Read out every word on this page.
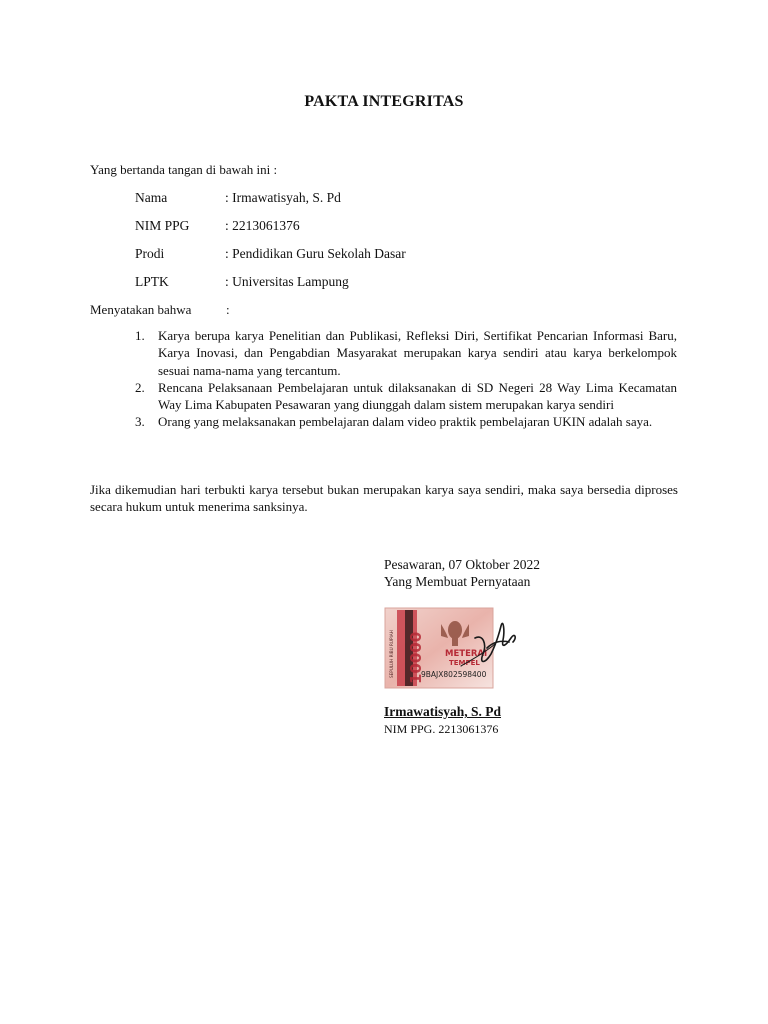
PAKTA INTEGRITAS
Yang bertanda tangan di bawah ini :
Nama	: Irmawatisyah, S. Pd
NIM PPG	: 2213061376
Prodi	: Pendidikan Guru Sekolah Dasar
LPTK	: Universitas Lampung
Menyatakan bahwa	:
1. Karya berupa karya Penelitian dan Publikasi, Refleksi Diri, Sertifikat Pencarian Informasi Baru, Karya Inovasi, dan Pengabdian Masyarakat merupakan karya sendiri atau karya berkelompok sesuai nama-nama yang tercantum.
2. Rencana Pelaksanaan Pembelajaran untuk dilaksanakan di SD Negeri 28 Way Lima Kecamatan Way Lima Kabupaten Pesawaran yang diunggah dalam sistem merupakan karya sendiri
3. Orang yang melaksanakan pembelajaran dalam video praktik pembelajaran UKIN adalah saya.
Jika dikemudian hari terbukti karya tersebut bukan merupakan karya saya sendiri, maka saya bersedia diproses secara hukum untuk menerima sanksinya.
Pesawaran, 07 Oktober 2022
Yang Membuat Pernyataan
SEPULUH RIBU RUPIAH 10000 METERAI
TEMPEL
9BAJX802598400
Irmawatisyah, S. Pd
NIM PPG. 2213061376
